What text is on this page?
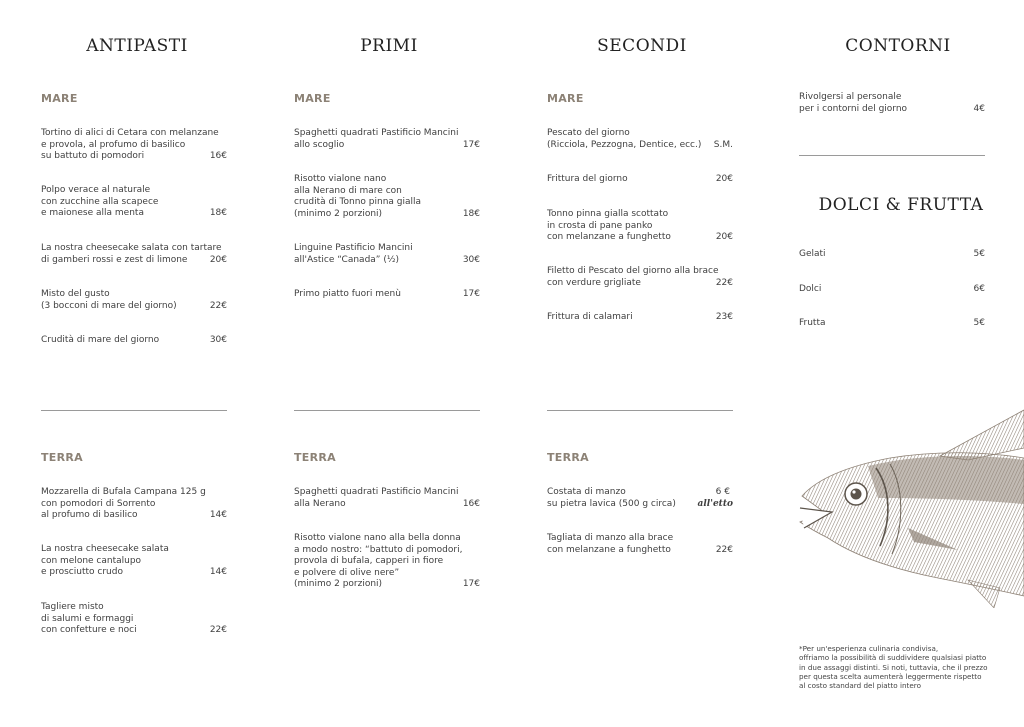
ANTIPASTI	PRIMI	SECONDI	CONTORNI
DOLCI & FRUTTA
MARE	MARE	MARE
TERRA	TERRA	TERRA
Tortino di alici di Cetara con melanzane
e provola, al profumo di basilico
su battuto di pomodori	16€
Polpo verace al naturale
con zucchine alla scapece
e maionese alla menta	18€
La nostra cheesecake salata con tartare
di gamberi rossi e zest di limone	20€
Misto del gusto
(3 bocconi di mare del giorno)	22€
Crudità di mare del giorno	30€
Mozzarella di Bufala Campana 125 g
con pomodori di Sorrento
al profumo di basilico	14€
La nostra cheesecake salata
con melone cantalupo
e prosciutto crudo	14€
Tagliere misto
di salumi e formaggi
con confetture e noci	22€
Spaghetti quadrati Pastificio Mancini
allo scoglio	17€
Risotto vialone nano
alla Nerano di mare con
crudità di Tonno pinna gialla
(minimo 2 porzioni)	18€
Linguine Pastificio Mancini
all'Astice “Canada” (½)	30€
Primo piatto fuori menù	17€
Spaghetti quadrati Pastificio Mancini
alla Nerano	16€
Risotto vialone nano alla bella donna
a modo nostro: “battuto di pomodori,
provola di bufala, capperi in fiore
e polvere di olive nere”
(minimo 2 porzioni)	17€
Pescato del giorno
(Ricciola, Pezzogna, Dentice, ecc.)	S.M.
Frittura del giorno	20€
Tonno pinna gialla scottato
in crosta di pane panko
con melanzane a funghetto	20€
Filetto di Pescato del giorno alla brace
con verdure grigliate	22€
Frittura di calamari	23€
Costata di manzo
su pietra lavica (500 g circa)
6 €
all'etto
Tagliata di manzo alla brace
con melanzane a funghetto	22€
Rivolgersi al personale
per i contorni del giorno	4€
Gelati	5€
Dolci	6€
Frutta	5€
*Per un'esperienza culinaria condivisa,
offriamo la possibilità di suddividere qualsiasi piatto
in due assaggi distinti. Si noti, tuttavia, che il prezzo
per questa scelta aumenterà leggermente rispetto
al costo standard del piatto intero
